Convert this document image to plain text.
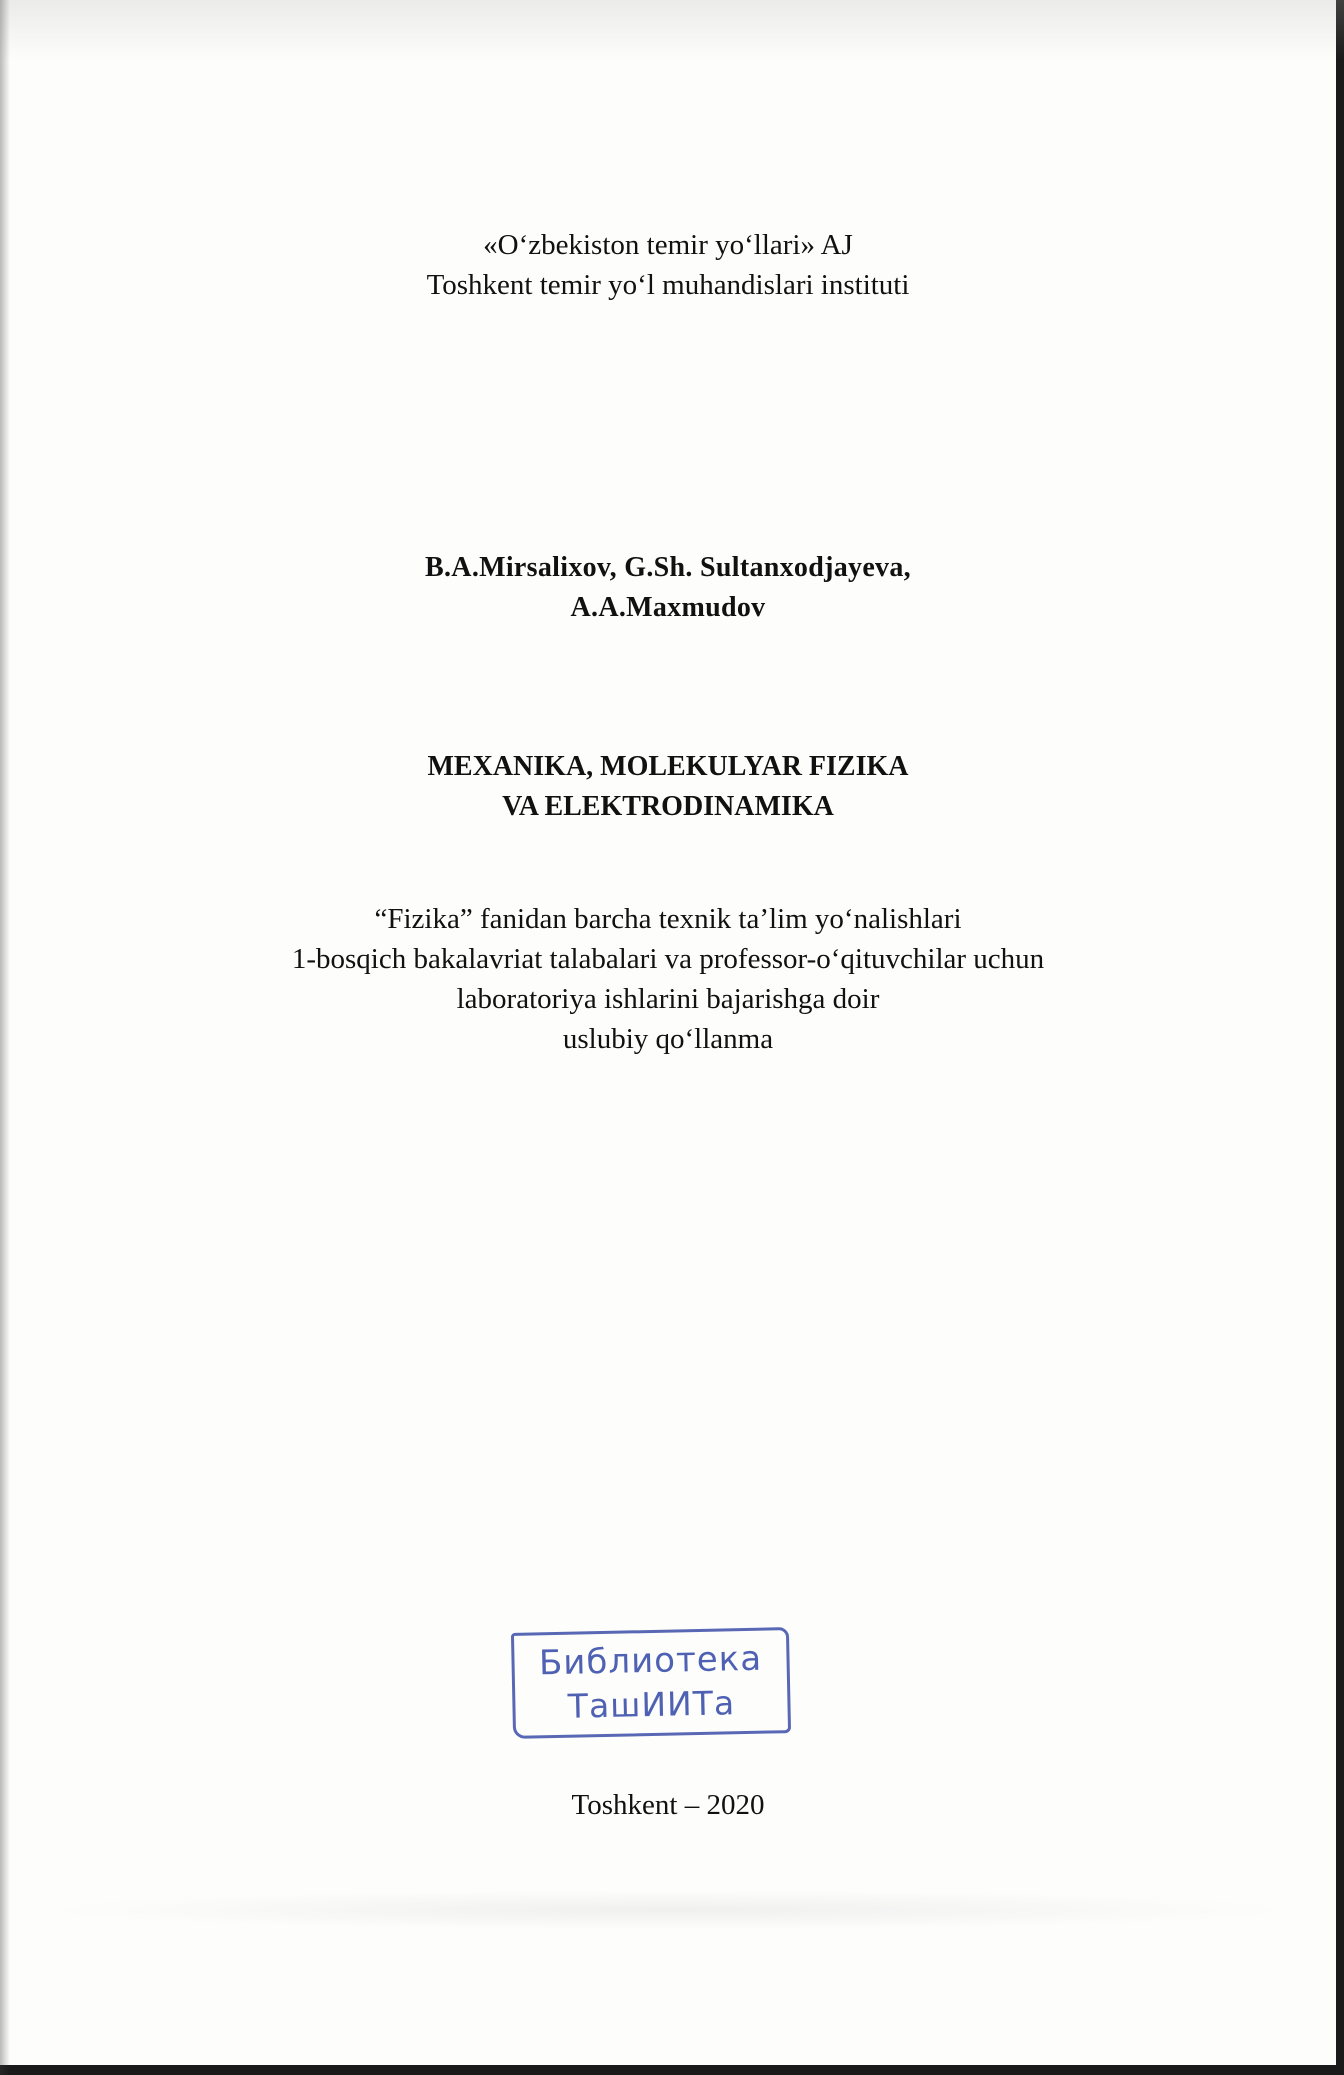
«O‘zbekiston temir yo‘llari» AJ
Toshkent temir yo‘l muhandislari instituti
B.A.Mirsalixov, G.Sh. Sultanxodjayeva,
A.A.Maxmudov
MEXANIKA, MOLEKULYAR FIZIKA
VA ELEKTRODINAMIKA
“Fizika” fanidan barcha texnik ta’lim yo‘nalishlari
1-bosqich bakalavriat talabalari va professor-o‘qituvchilar uchun
laboratoriya ishlarini bajarishga doir
uslubiy qo‘llanma
Библиотека
ТашИИТа
Toshkent – 2020
